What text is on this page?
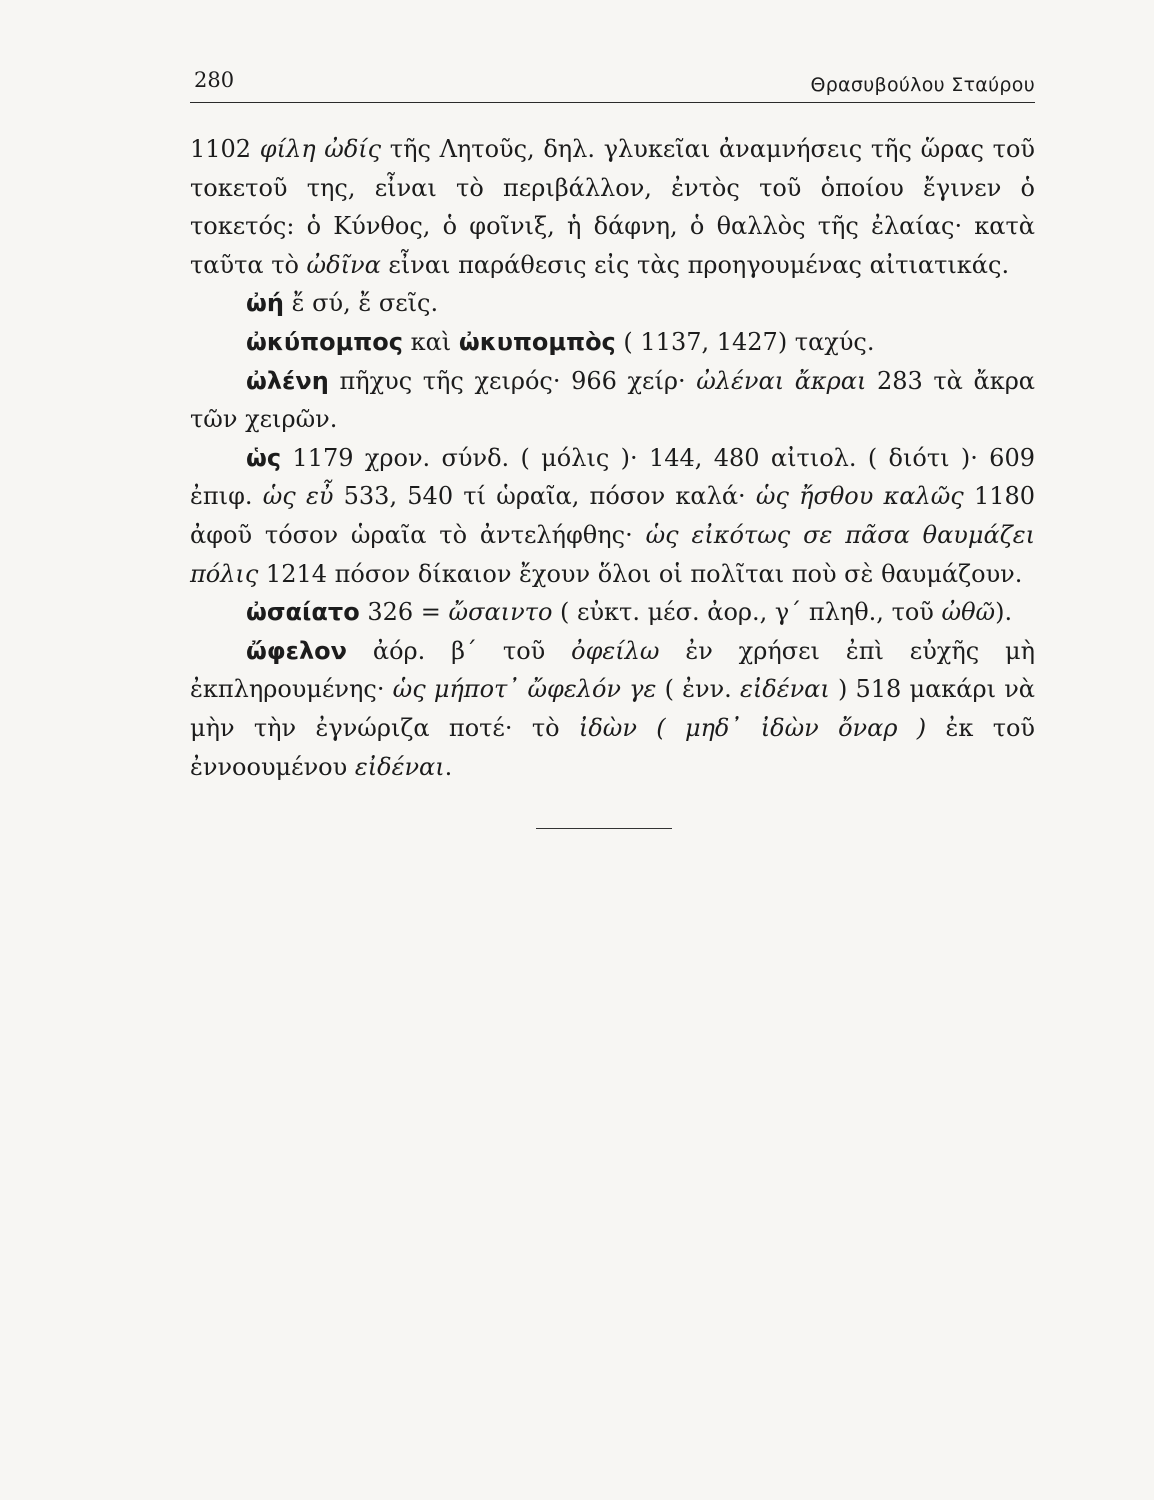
280	Θρασυβούλου Σταύρου

1102 φίλη ὠδίς τῆς Λητοῦς, δηλ. γλυκεῖαι ἀναμνήσεις τῆς ὥρας τοῦ τοκετοῦ της, εἶναι τὸ περιβάλλον, ἐντὸς τοῦ ὁποίου ἔγινεν ὁ τοκετός: ὁ Κύνθος, ὁ φοῖνιξ, ἡ δάφνη, ὁ θαλλὸς τῆς ἐλαίας· κατὰ ταῦτα τὸ ὠδῖνα εἶναι παράθεσις εἰς τὰς προηγουμένας αἰτιατικάς.

ὠή ἔ σύ, ἔ σεῖς.

ὠκύπομπος καὶ ὠκυπομπὸς ( 1137, 1427) ταχύς.

ὠλένη πῆχυς τῆς χειρός· 966 χείρ· ὠλέναι ἄκραι 283 τὰ ἄκρα τῶν χειρῶν.

ὡς 1179 χρον. σύνδ. ( μόλις )· 144, 480 αἰτιολ. ( διότι )· 609 ἐπιφ. ὡς εὖ 533, 540 τί ὡραῖα, πόσον καλά· ὡς ἤσθου καλῶς 1180 ἀφοῦ τόσον ὡραῖα τὸ ἀντελήφθης· ὡς εἰκότως σε πᾶσα θαυμάζει πόλις 1214 πόσον δίκαιον ἔχουν ὅλοι οἱ πολῖται ποὺ σὲ θαυμάζουν.

ὠσαίατο 326 = ὤσαιντο ( εὐκτ. μέσ. ἀορ., γ΄ πληθ., τοῦ ὠθῶ).

ὤφελον ἀόρ. β΄ τοῦ ὀφείλω ἐν χρήσει ἐπὶ εὐχῆς μὴ ἐκπληρουμένης· ὡς μήποτ᾽ ὤφελόν γε ( ἐνν. εἰδέναι ) 518 μακάρι νὰ μὴν τὴν ἐγνώριζα ποτέ· τὸ ἰδὼν ( μηδ᾽ ἰδὼν ὄναρ ) ἐκ τοῦ ἐννοουμένου εἰδέναι.
